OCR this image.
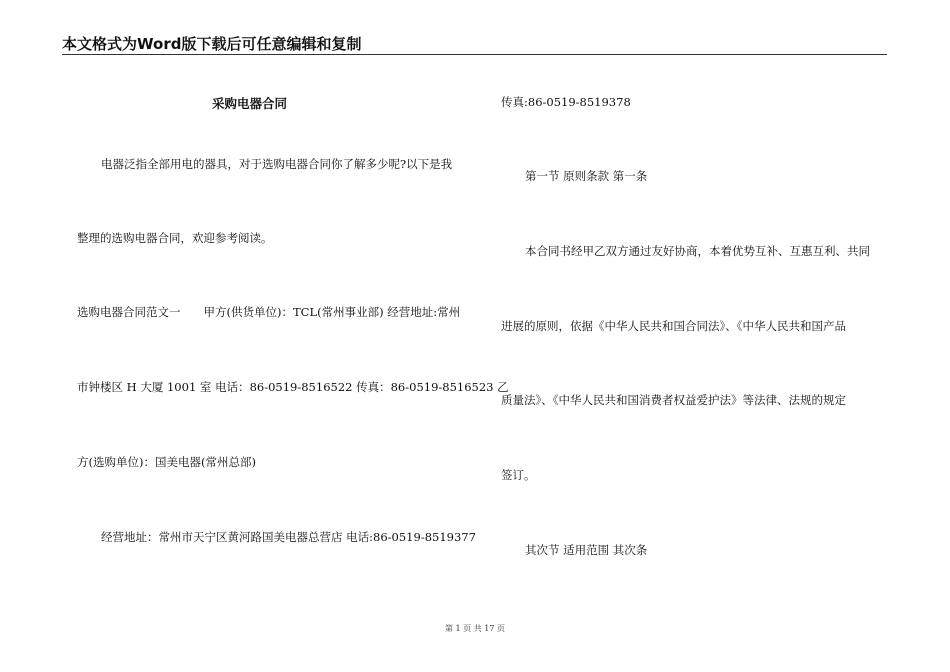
本文格式为Word版下载后可任意编辑和复制
采购电器合同
电器泛指全部用电的器具，对于选购电器合同你了解多少呢?以下是我
整理的选购电器合同，欢迎参考阅读。
选购电器合同范文一　　甲方(供货单位)：TCL(常州事业部) 经营地址:常州
市钟楼区 H 大厦 1001 室 电话：86-0519-8516522 传真：86-0519-8516523 乙
方(选购单位)：国美电器(常州总部)
经营地址：常州市天宁区黄河路国美电器总营店 电话:86-0519-8519377
传真:86-0519-8519378
第一节 原则条款 第一条
本合同书经甲乙双方通过友好协商，本着优势互补、互惠互利、共同
进展的原则，依据《中华人民共和国合同法》、《中华人民共和国产品
质量法》、《中华人民共和国消费者权益爱护法》等法律、法规的规定
签订。
其次节 适用范围 其次条
第 1 页 共 17 页
